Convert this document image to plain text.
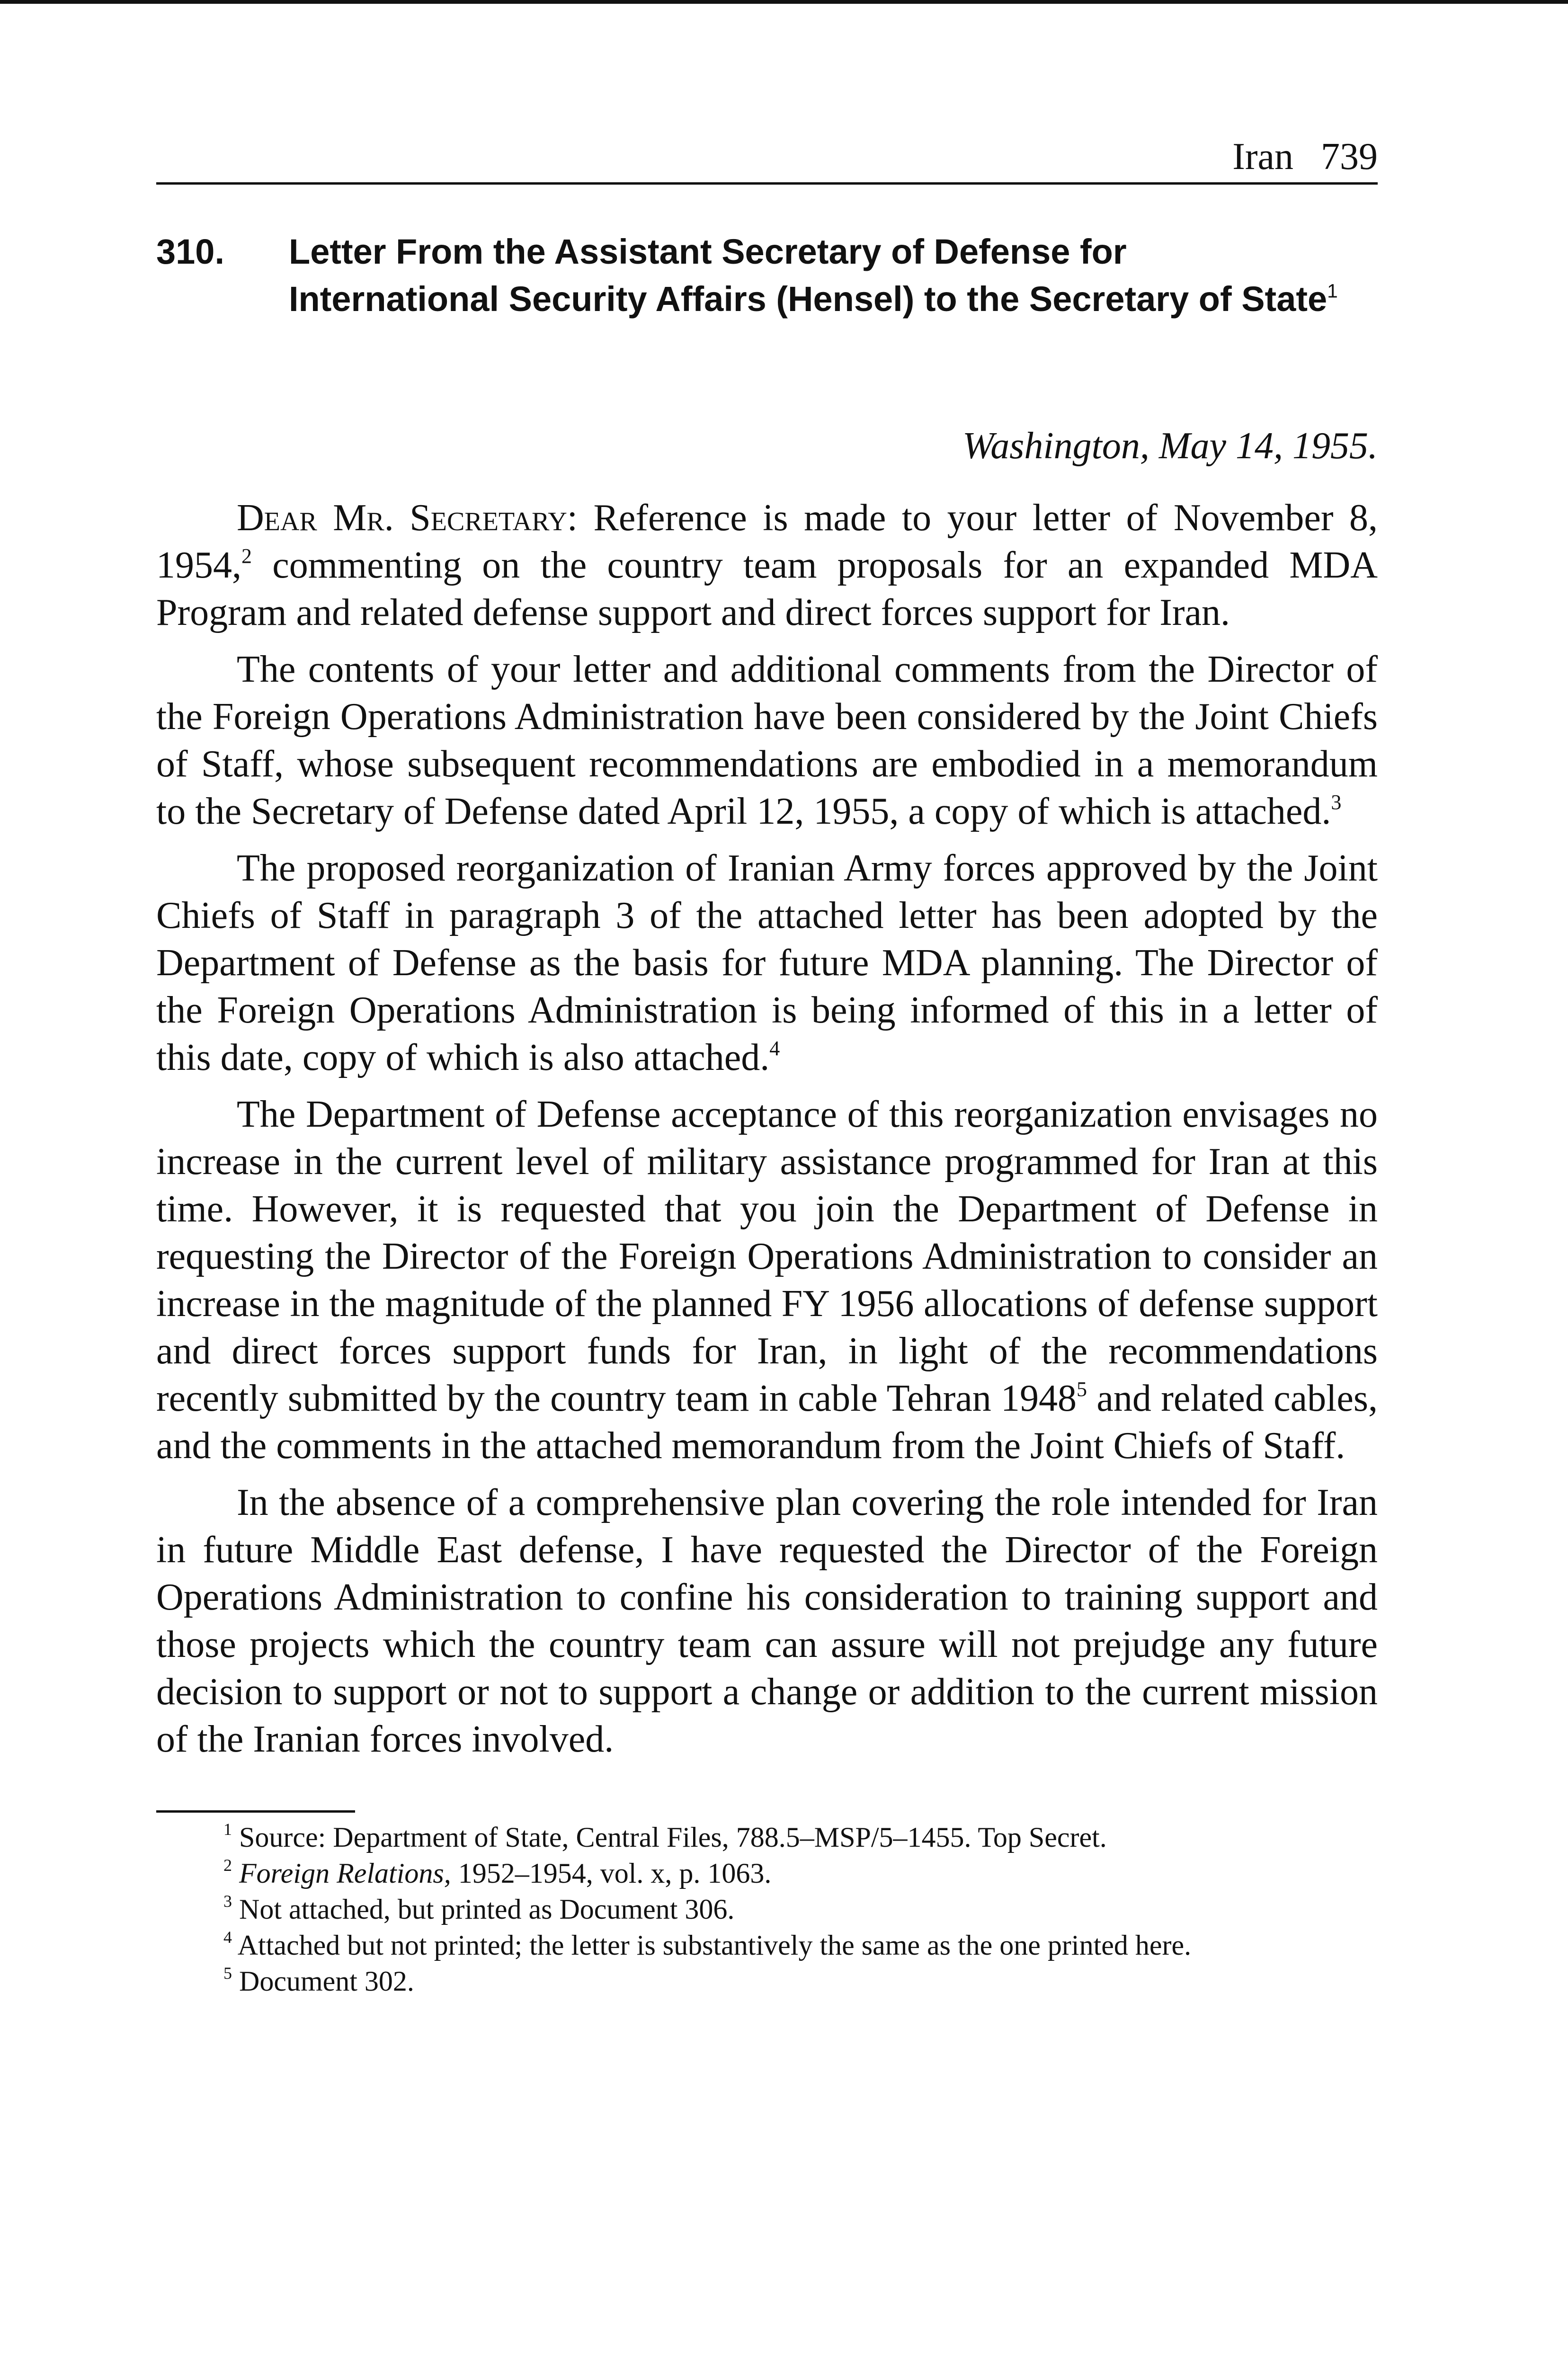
Iran 739
310.	Letter From the Assistant Secretary of Defense for International Security Affairs (Hensel) to the Secretary of State$^1$
Washington, May 14, 1955.

Dear Mr. Secretary: Reference is made to your letter of November 8, 1954,$^2$ commenting on the country team proposals for an expanded MDA Program and related defense support and direct forces support for Iran.

The contents of your letter and additional comments from the Director of the Foreign Operations Administration have been considered by the Joint Chiefs of Staff, whose subsequent recommendations are embodied in a memorandum to the Secretary of Defense dated April 12, 1955, a copy of which is attached.$^3$

The proposed reorganization of Iranian Army forces approved by the Joint Chiefs of Staff in paragraph 3 of the attached letter has been adopted by the Department of Defense as the basis for future MDA planning. The Director of the Foreign Operations Administration is being informed of this in a letter of this date, copy of which is also attached.$^4$

The Department of Defense acceptance of this reorganization envisages no increase in the current level of military assistance programmed for Iran at this time. However, it is requested that you join the Department of Defense in requesting the Director of the Foreign Operations Administration to consider an increase in the magnitude of the planned FY 1956 allocations of defense support and direct forces support funds for Iran, in light of the recommendations recently submitted by the country team in cable Tehran 1948$^5$ and related cables, and the comments in the attached memorandum from the Joint Chiefs of Staff.

In the absence of a comprehensive plan covering the role intended for Iran in future Middle East defense, I have requested the Director of the Foreign Operations Administration to confine his consideration to training support and those projects which the country team can assure will not prejudge any future decision to support or not to support a change or addition to the current mission of the Iranian forces involved.

$^1$ Source: Department of State, Central Files, 788.5–MSP/5–1455. Top Secret.

$^2$ Foreign Relations, 1952–1954, vol. x, p. 1063.

$^3$ Not attached, but printed as Document 306.

$^4$ Attached but not printed; the letter is substantively the same as the one printed here.

$^5$ Document 302.
